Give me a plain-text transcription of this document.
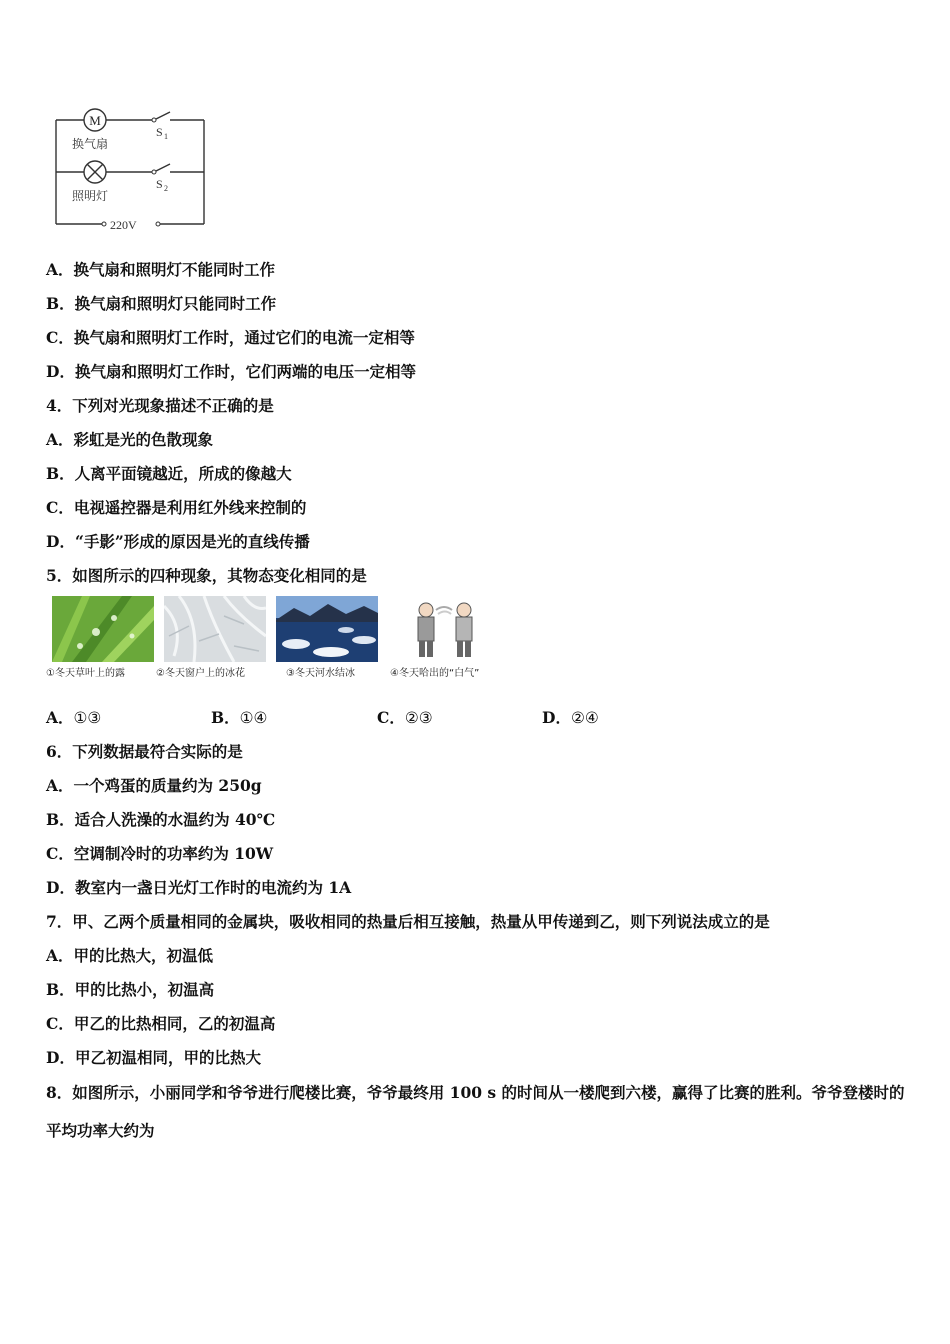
M
换气扇
照明灯
S 1
S 2
220V
A．换气扇和照明灯不能同时工作
B．换气扇和照明灯只能同时工作
C．换气扇和照明灯工作时，通过它们的电流一定相等
D．换气扇和照明灯工作时，它们两端的电压一定相等
4．下列对光现象描述不正确的是
A．彩虹是光的色散现象
B．人离平面镜越近，所成的像越大
C．电视遥控器是利用红外线来控制的
D．“手影”形成的原因是光的直线传播
5．如图所示的四种现象，其物态变化相同的是
①冬天草叶上的露	②冬天窗户上的冰花	③冬天河水结冰	④冬天哈出的“白气”
A．①③	B．①④	C．②③	D．②④
6．下列数据最符合实际的是
A．一个鸡蛋的质量约为 250g
B．适合人洗澡的水温约为 40℃
C．空调制冷时的功率约为 10W
D．教室内一盏日光灯工作时的电流约为 1A
7．甲、乙两个质量相同的金属块，吸收相同的热量后相互接触，热量从甲传递到乙，则下列说法成立的是
A．甲的比热大，初温低
B．甲的比热小，初温高
C．甲乙的比热相同，乙的初温高
D．甲乙初温相同，甲的比热大
8．如图所示，小丽同学和爷爷进行爬楼比赛，爷爷最终用 100 s 的时间从一楼爬到六楼，赢得了比赛的胜利。爷爷登楼时的平均功率大约为
